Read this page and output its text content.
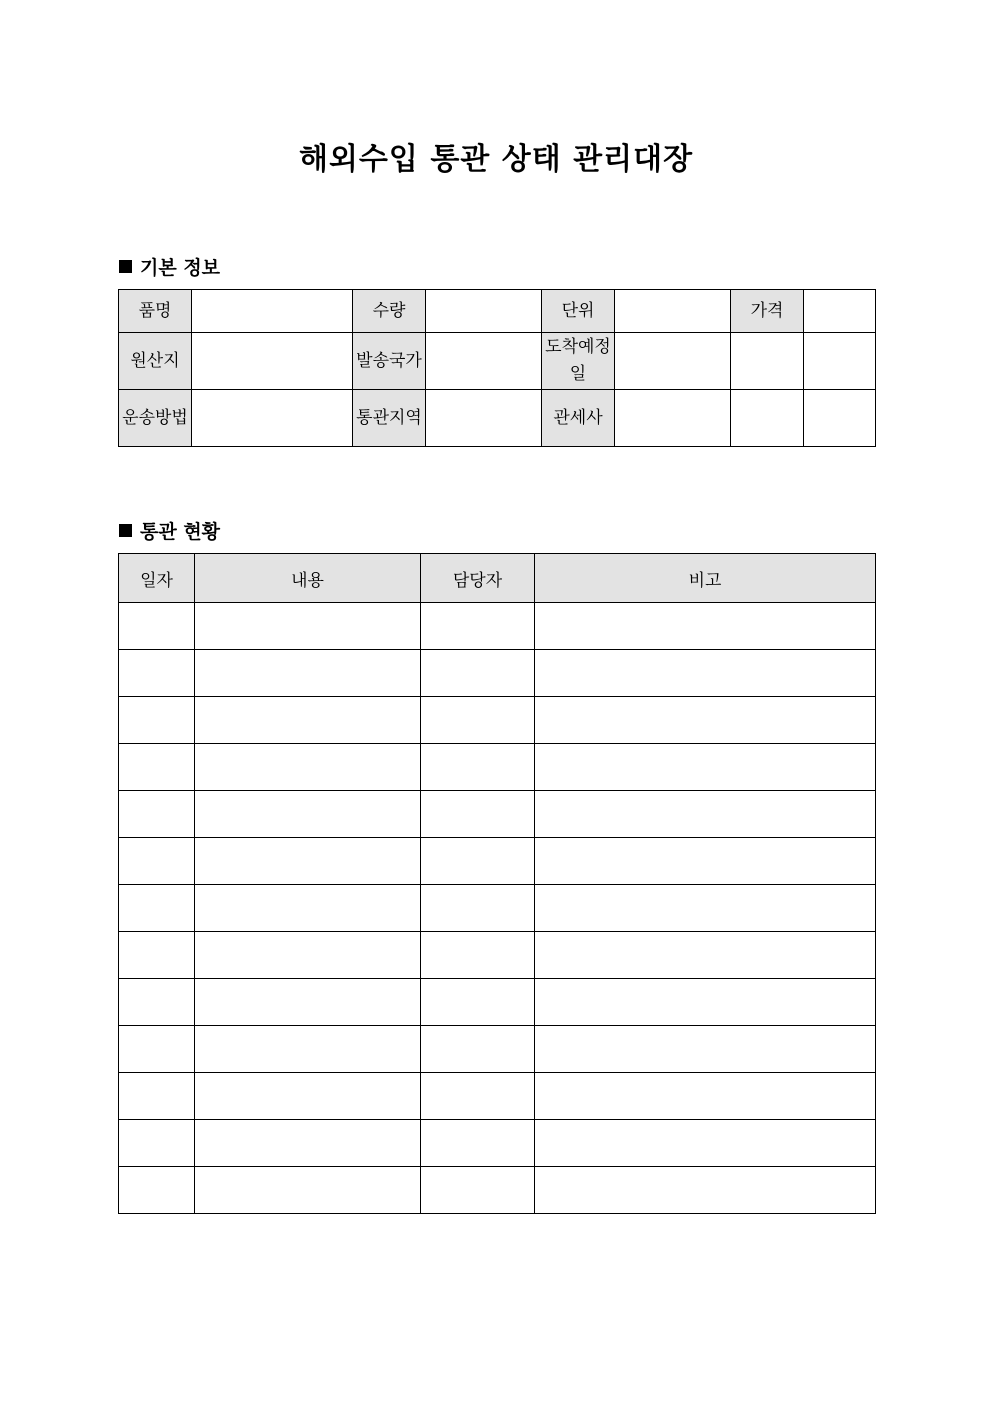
해외수입 통관 상태 관리대장
기본 정보
품명		수량		단위		가격	
원산지		발송국가		도착예정일			
운송방법		통관지역		관세사			
통관 현황
일자	내용	담당자	비고
